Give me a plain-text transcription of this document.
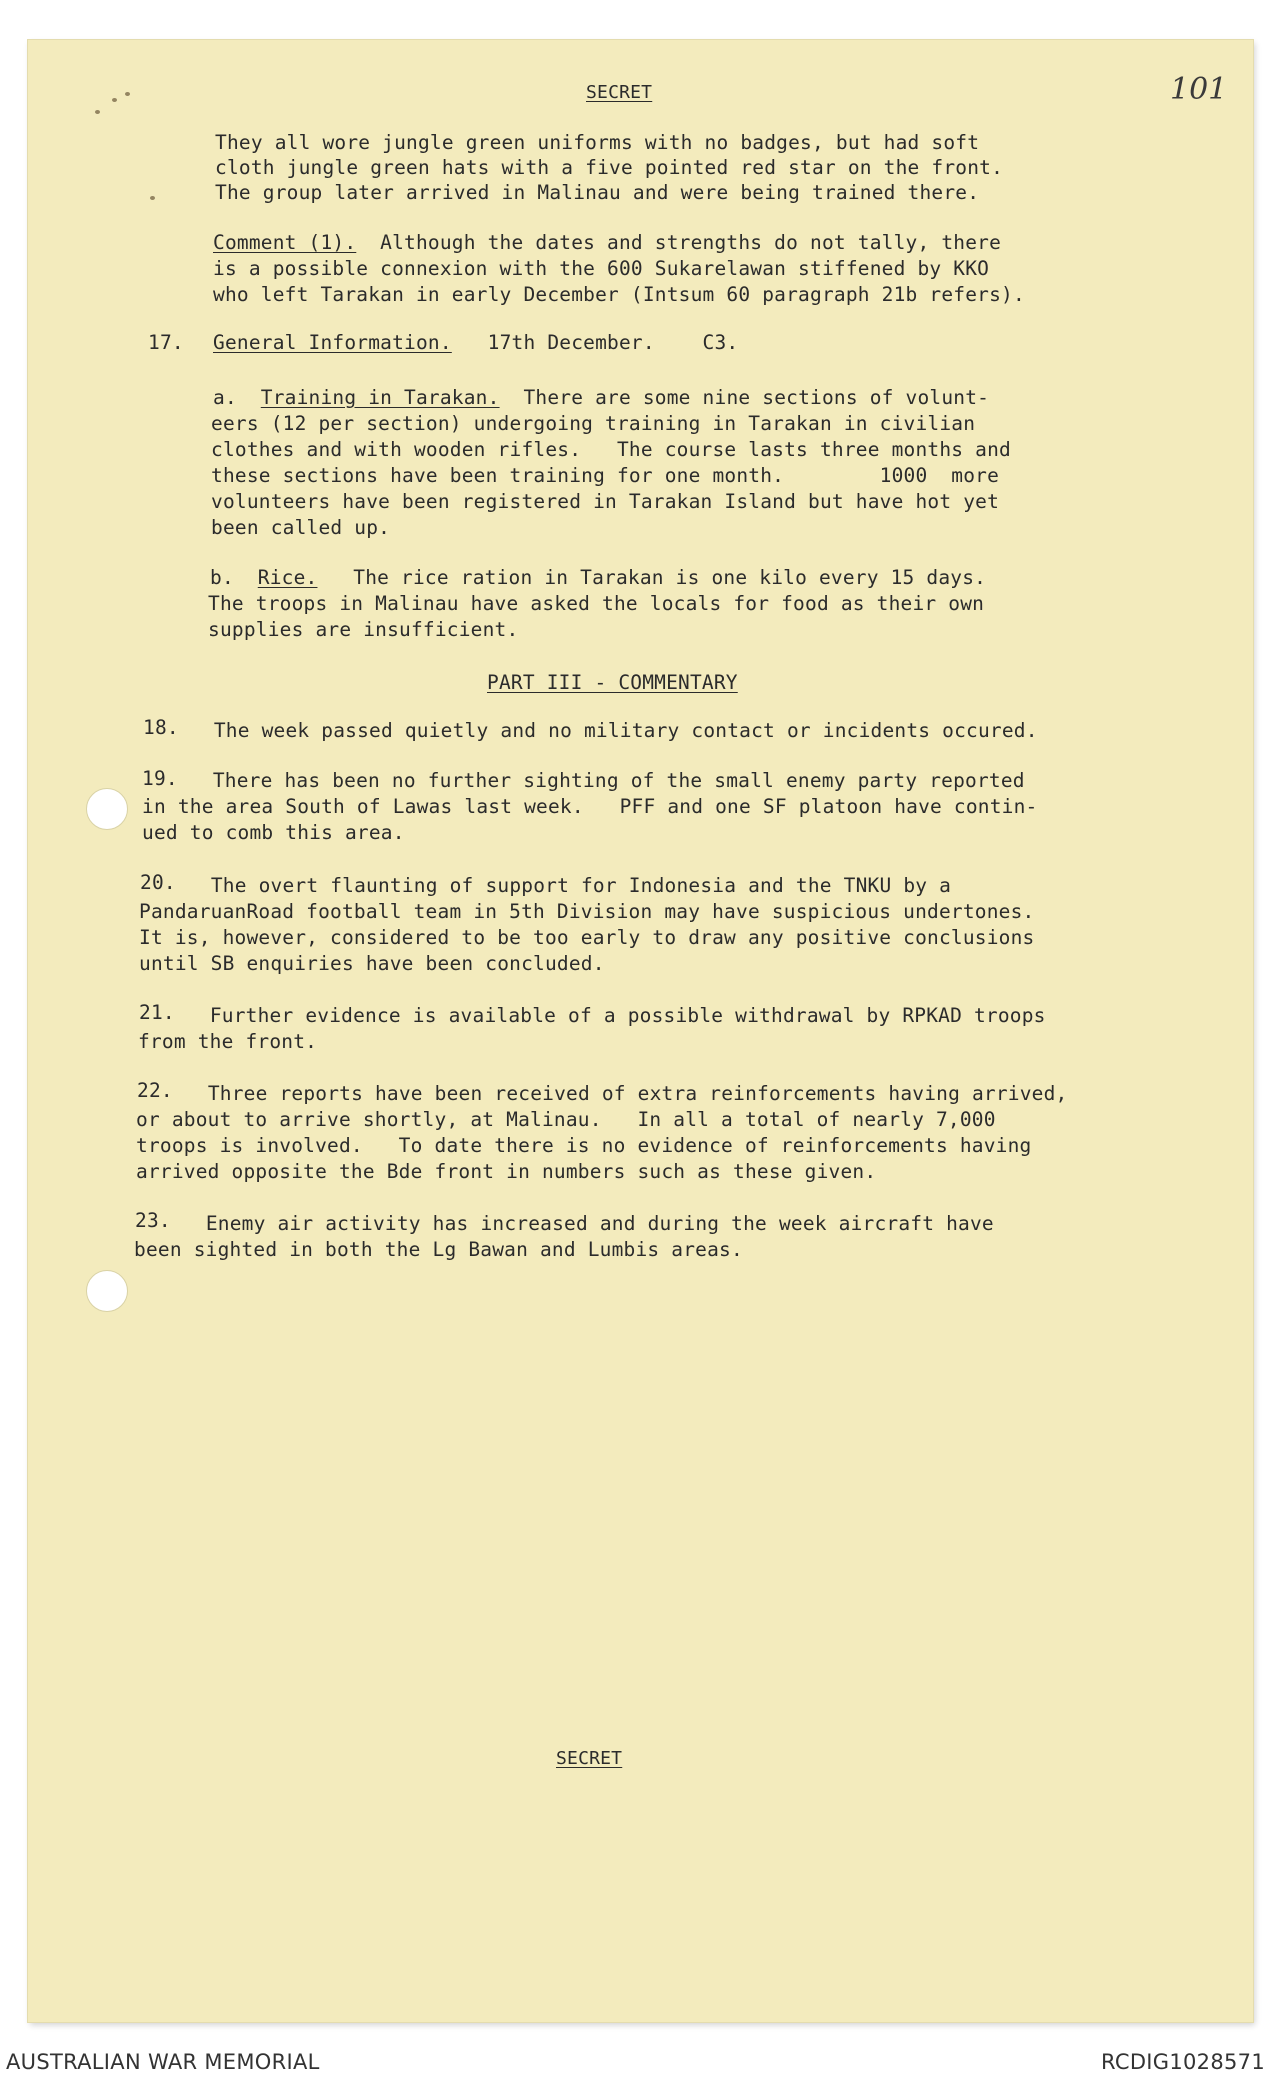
SECRET	101
They all wore jungle green uniforms with no badges, but had soft
cloth jungle green hats with a five pointed red star on the front.
The group later arrived in Malinau and were being trained there.
Comment (1).  Although the dates and strengths do not tally, there
is a possible connexion with the 600 Sukarelawan stiffened by KKO
who left Tarakan in early December (Intsum 60 paragraph 21b refers).
17. General Information.   17th December.    C3.
a.  Training in Tarakan.  There are some nine sections of volunt-
eers (12 per section) undergoing training in Tarakan in civilian
clothes and with wooden rifles.   The course lasts three months and
these sections have been training for one month.        1000  more
volunteers have been registered in Tarakan Island but have hot yet
been called up.
b.  Rice.   The rice ration in Tarakan is one kilo every 15 days.
The troops in Malinau have asked the locals for food as their own
supplies are insufficient.
PART III - COMMENTARY
18. The week passed quietly and no military contact or incidents occured.
19. There has been no further sighting of the small enemy party reported
in the area South of Lawas last week.   PFF and one SF platoon have contin-
ued to comb this area.
20. The overt flaunting of support for Indonesia and the TNKU by a
PandaruanRoad football team in 5th Division may have suspicious undertones.
It is, however, considered to be too early to draw any positive conclusions
until SB enquiries have been concluded.
21. Further evidence is available of a possible withdrawal by RPKAD troops
from the front.
22. Three reports have been received of extra reinforcements having arrived,
or about to arrive shortly, at Malinau.   In all a total of nearly 7,000
troops is involved.   To date there is no evidence of reinforcements having
arrived opposite the Bde front in numbers such as these given.
23. Enemy air activity has increased and during the week aircraft have
been sighted in both the Lg Bawan and Lumbis areas.
SECRET
AUSTRALIAN WAR MEMORIAL	RCDIG1028571
